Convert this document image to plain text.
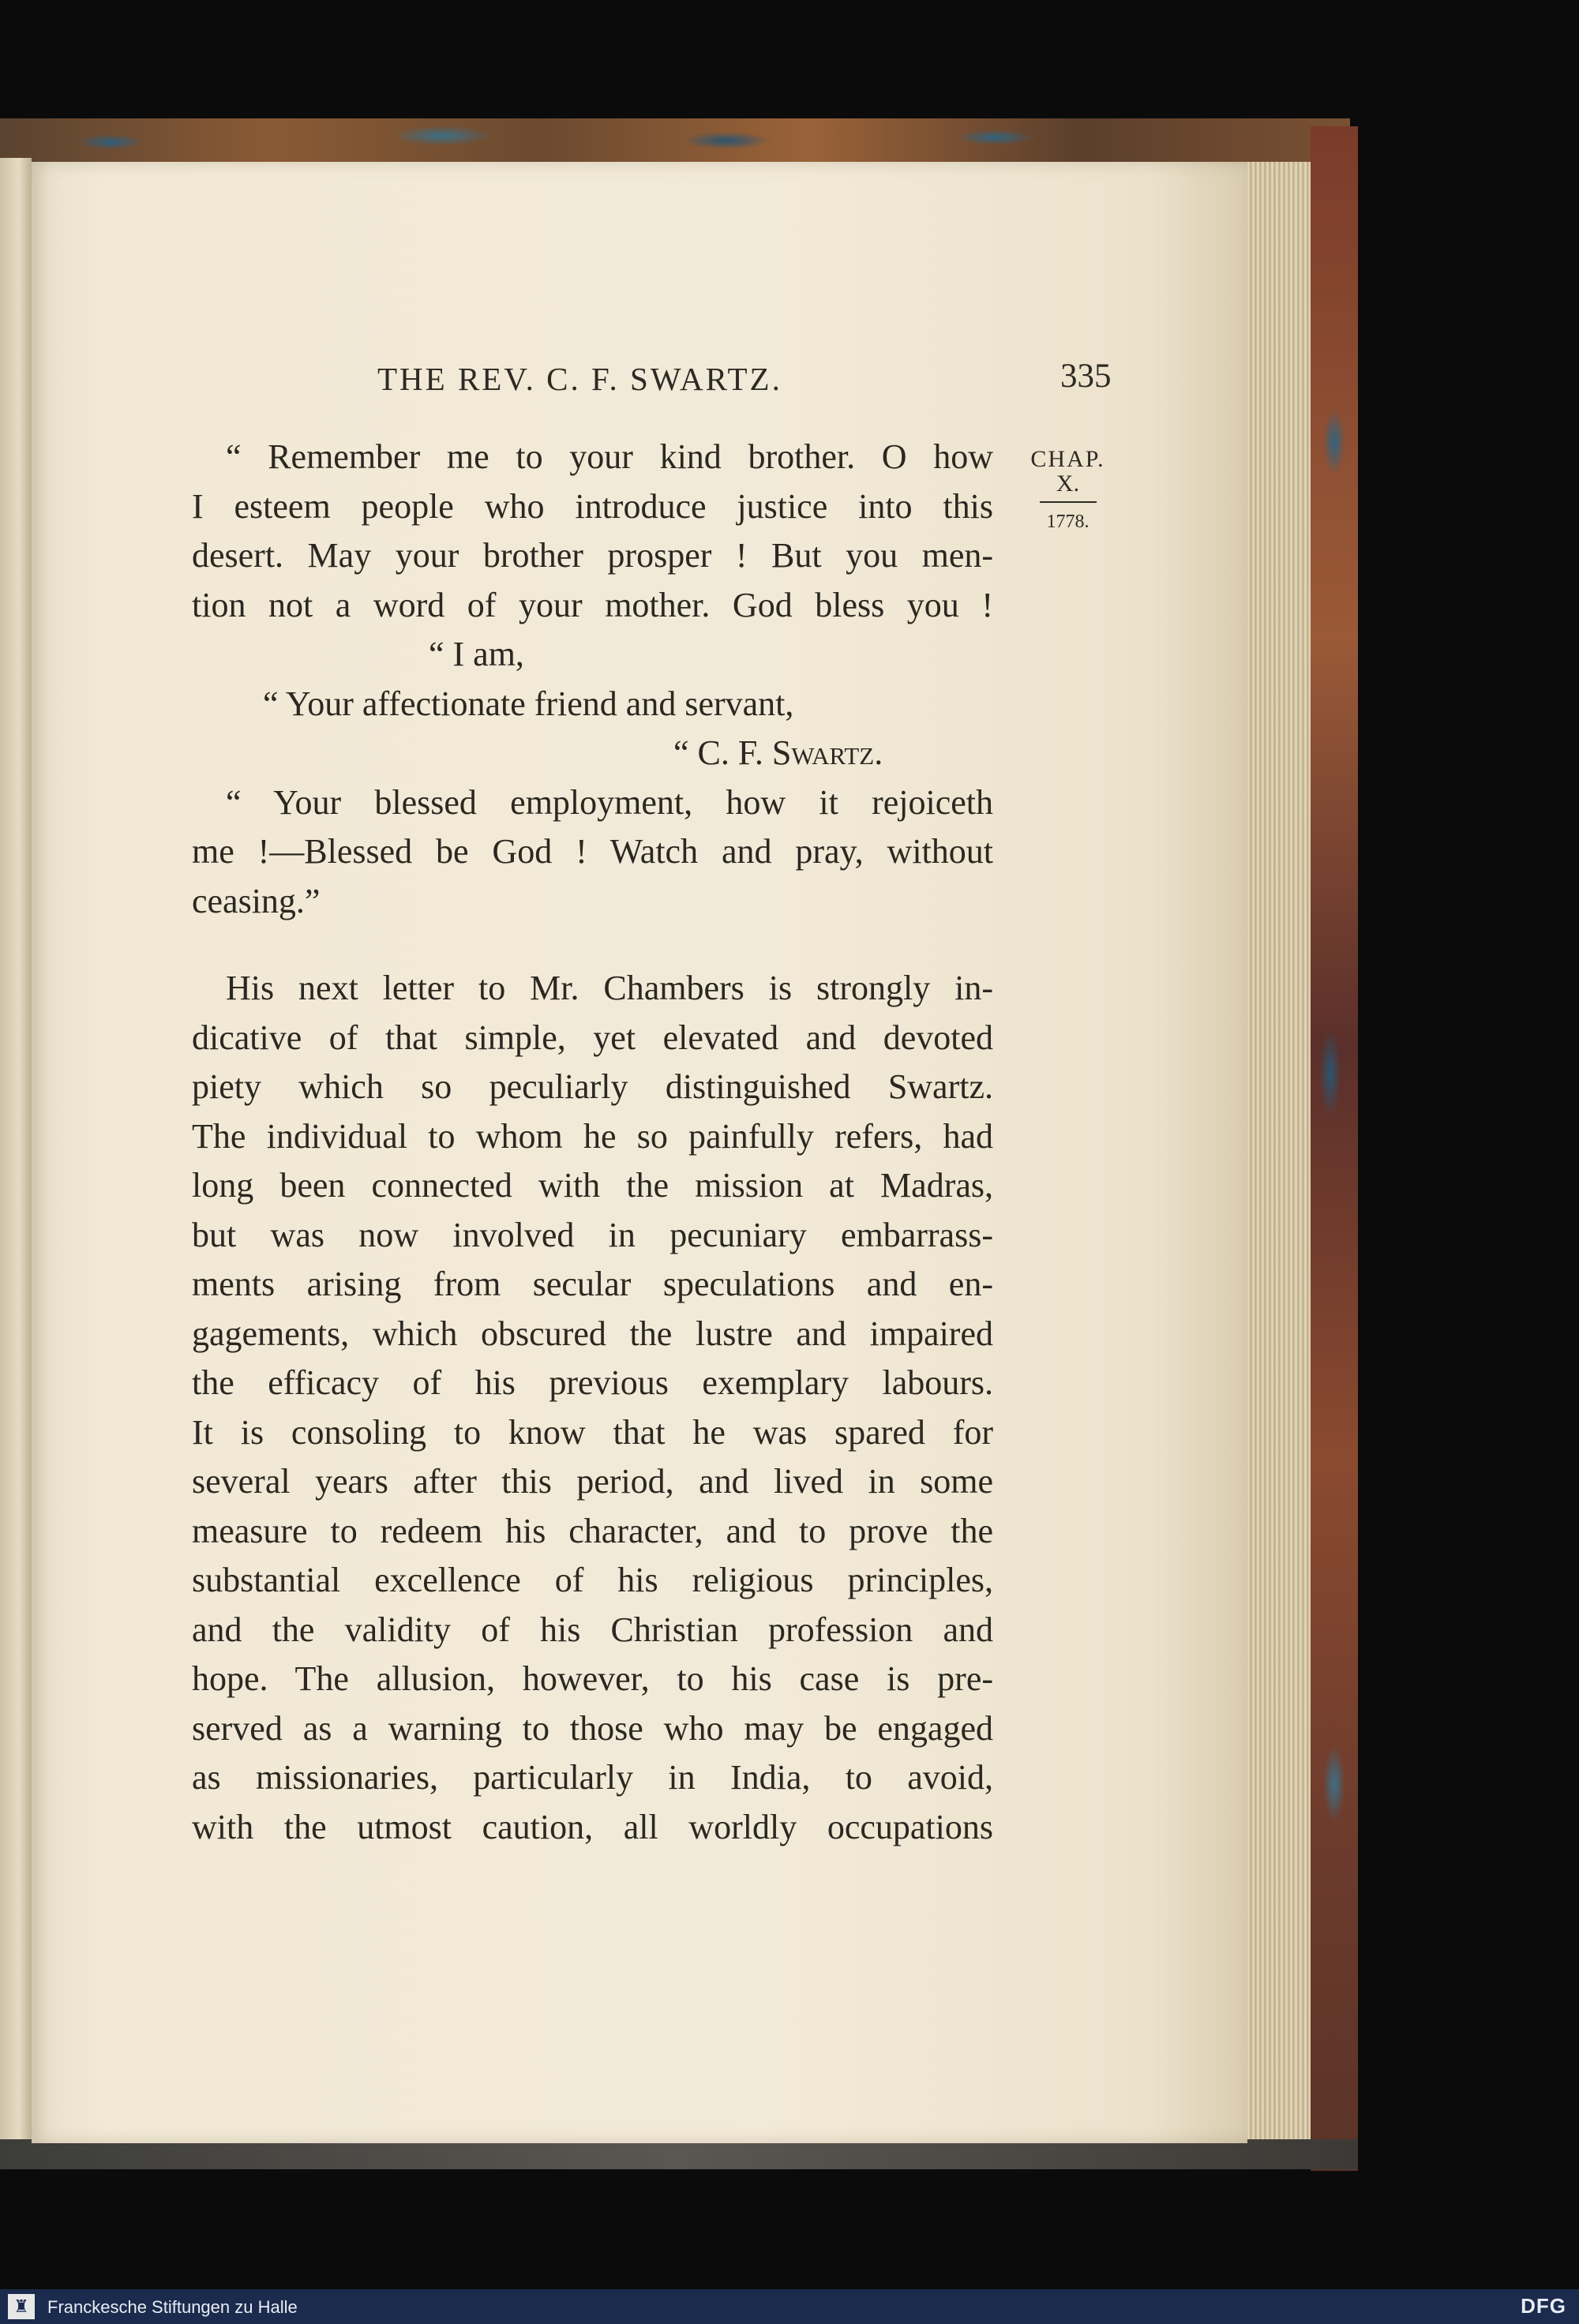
THE REV. C. F. SWARTZ.	335
CHAP.
X.
1778.
“ Remember me to your kind brother. O how
I esteem people who introduce justice into this
desert. May your brother prosper ! But you men-
tion not a word of your mother. God bless you !
“ I am,
“ Your affectionate friend and servant,
“ C. F. Swartz.
“ Your blessed employment, how it rejoiceth
me !—Blessed be God ! Watch and pray, without
ceasing.”
His next letter to Mr. Chambers is strongly in-
dicative of that simple, yet elevated and devoted
piety which so peculiarly distinguished Swartz.
The individual to whom he so painfully refers, had
long been connected with the mission at Madras,
but was now involved in pecuniary embarrass-
ments arising from secular speculations and en-
gagements, which obscured the lustre and impaired
the efficacy of his previous exemplary labours.
It is consoling to know that he was spared for
several years after this period, and lived in some
measure to redeem his character, and to prove the
substantial excellence of his religious principles,
and the validity of his Christian profession and
hope. The allusion, however, to his case is pre-
served as a warning to those who may be engaged
as missionaries, particularly in India, to avoid,
with the utmost caution, all worldly occupations
♜	Franckesche Stiftungen zu Halle	DFG
